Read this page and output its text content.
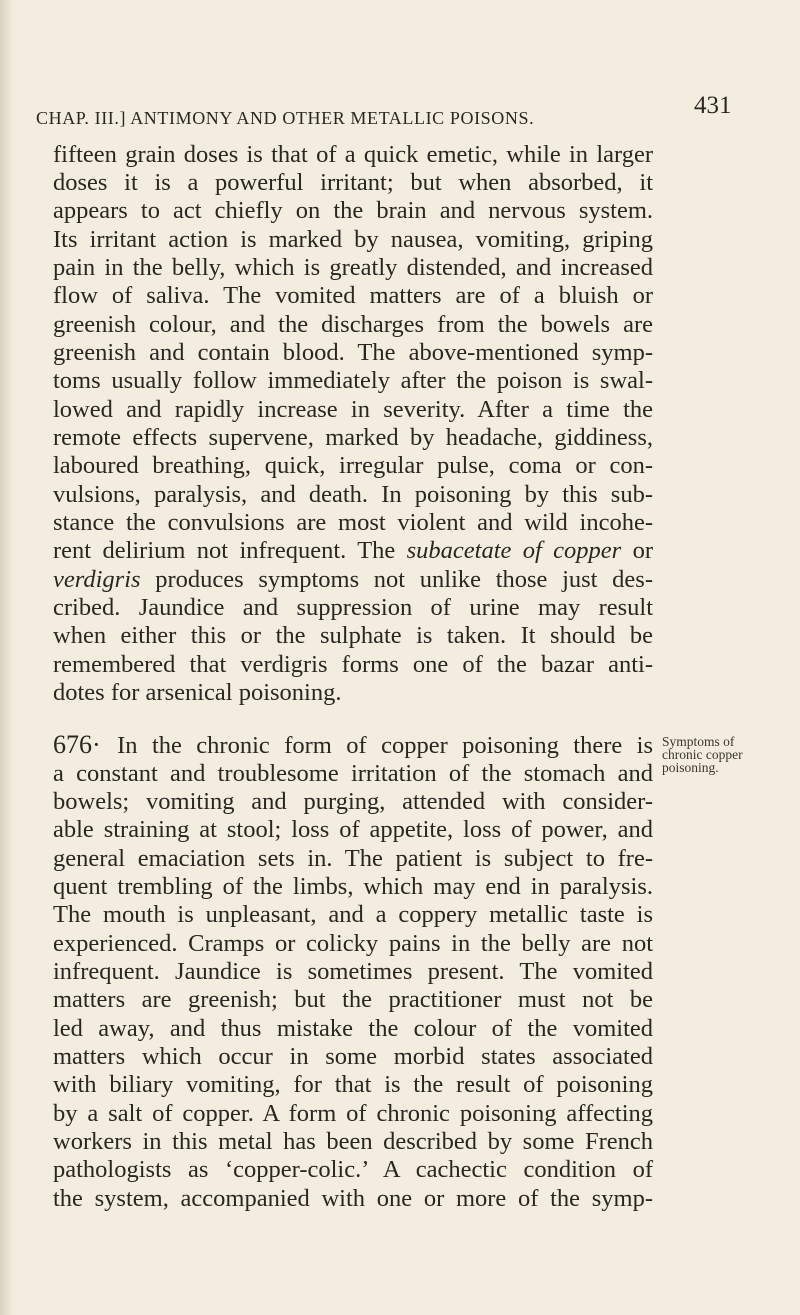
CHAP. III.] ANTIMONY AND OTHER METALLIC POISONS.	431
fifteen grain doses is that of a quick emetic, while in larger
doses it is a powerful irritant; but when absorbed, it
appears to act chiefly on the brain and nervous system.
Its irritant action is marked by nausea, vomiting, griping
pain in the belly, which is greatly distended, and increased
flow of saliva. The vomited matters are of a bluish or
greenish colour, and the discharges from the bowels are
greenish and contain blood. The above-mentioned symp-
toms usually follow immediately after the poison is swal-
lowed and rapidly increase in severity. After a time the
remote effects supervene, marked by headache, giddiness,
laboured breathing, quick, irregular pulse, coma or con-
vulsions, paralysis, and death. In poisoning by this sub-
stance the convulsions are most violent and wild incohe-
rent delirium not infrequent. The subacetate of copper or
verdigris produces symptoms not unlike those just des-
cribed. Jaundice and suppression of urine may result
when either this or the sulphate is taken. It should be
remembered that verdigris forms one of the bazar anti-
dotes for arsenical poisoning.
676· In the chronic form of copper poisoning there is
a constant and troublesome irritation of the stomach and
bowels; vomiting and purging, attended with consider-
able straining at stool; loss of appetite, loss of power, and
general emaciation sets in. The patient is subject to fre-
quent trembling of the limbs, which may end in paralysis.
The mouth is unpleasant, and a coppery metallic taste is
experienced. Cramps or colicky pains in the belly are not
infrequent. Jaundice is sometimes present. The vomited
matters are greenish; but the practitioner must not be
led away, and thus mistake the colour of the vomited
matters which occur in some morbid states associated
with biliary vomiting, for that is the result of poisoning
by a salt of copper. A form of chronic poisoning affecting
workers in this metal has been described by some French
pathologists as ‘copper-colic.’ A cachectic condition of
the system, accompanied with one or more of the symp-
Symptoms of
chronic copper
poisoning.
